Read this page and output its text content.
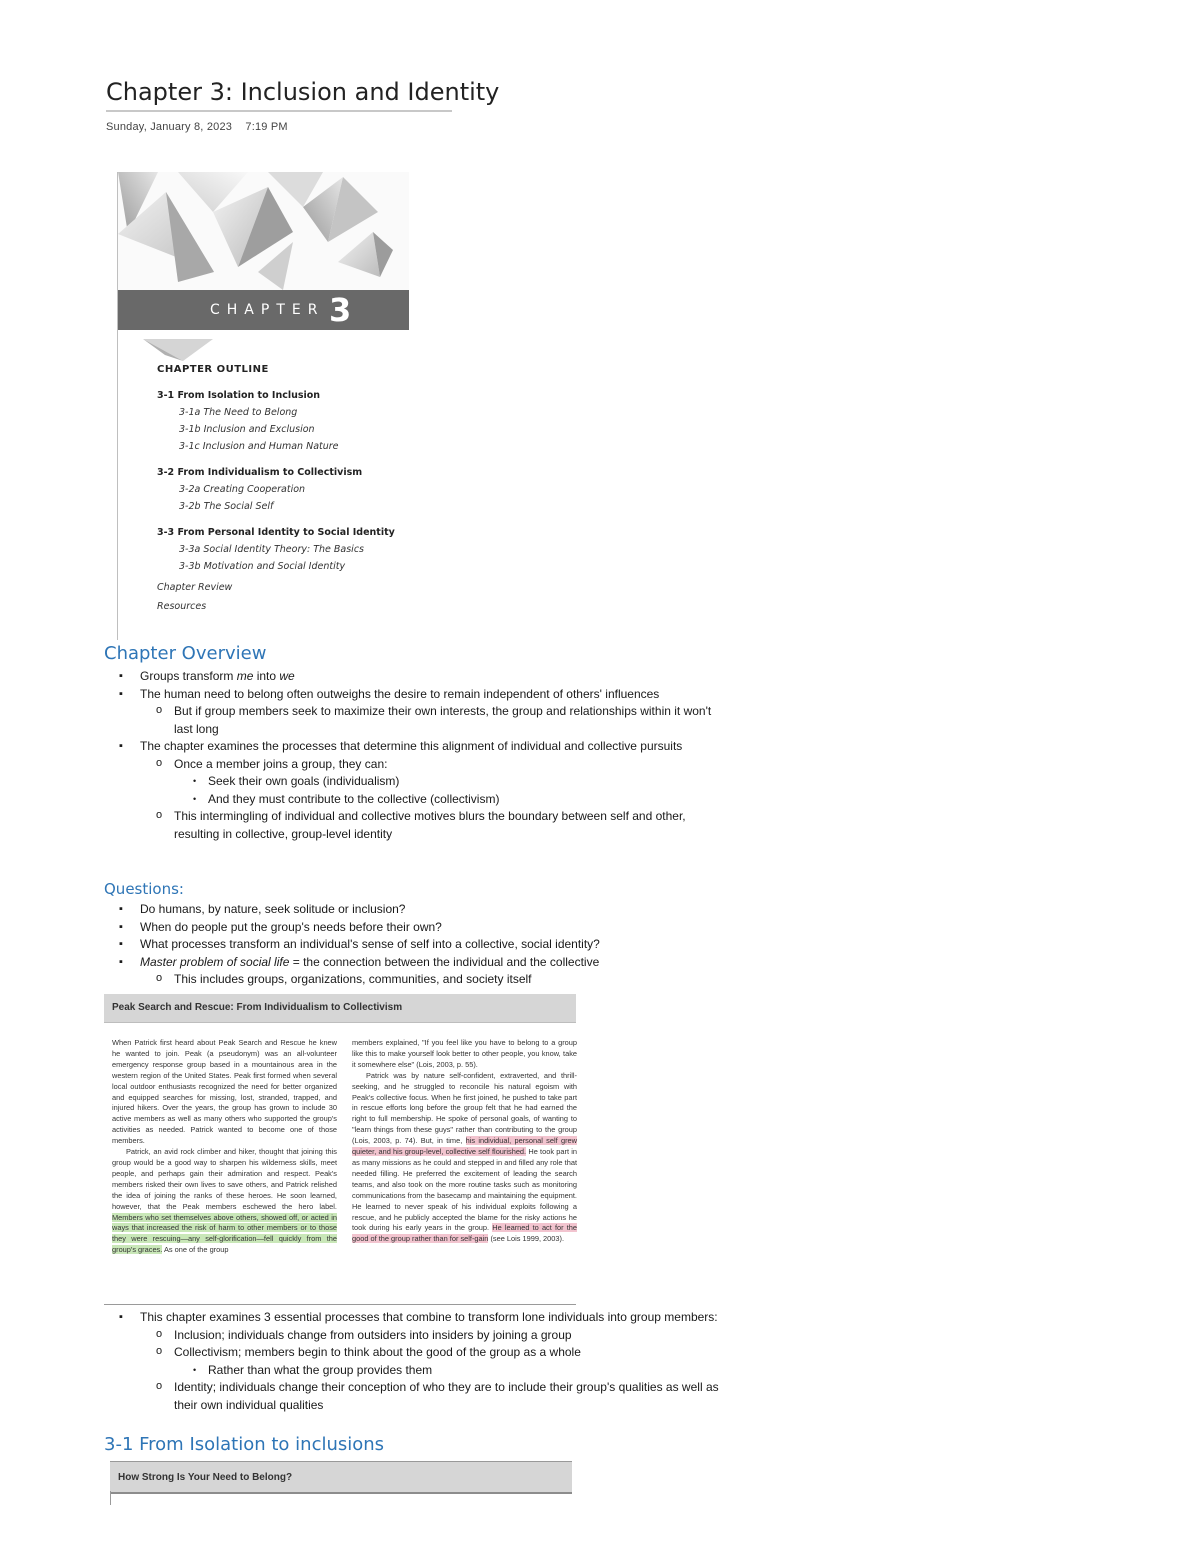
Chapter 3: Inclusion and Identity
Sunday, January 8, 2023 7:19 PM
CHAPTER 3
CHAPTER OUTLINE
3-1 From Isolation to Inclusion
3-1a The Need to Belong
3-1b Inclusion and Exclusion
3-1c Inclusion and Human Nature
3-2 From Individualism to Collectivism
3-2a Creating Cooperation
3-2b The Social Self
3-3 From Personal Identity to Social Identity
3-3a Social Identity Theory: The Basics
3-3b Motivation and Social Identity
Chapter Review
Resources
Chapter Overview
▪ Groups transform me into we
▪ The human need to belong often outweighs the desire to remain independent of others' influences
o But if group members seek to maximize their own interests, the group and relationships within it won't last long
▪ The chapter examines the processes that determine this alignment of individual and collective pursuits
o Once a member joins a group, they can:
• Seek their own goals (individualism)
• And they must contribute to the collective (collectivism)
o This intermingling of individual and collective motives blurs the boundary between self and other, resulting in collective, group-level identity
Questions:
▪ Do humans, by nature, seek solitude or inclusion?
▪ When do people put the group's needs before their own?
▪ What processes transform an individual's sense of self into a collective, social identity?
▪ Master problem of social life = the connection between the individual and the collective
o This includes groups, organizations, communities, and society itself
Peak Search and Rescue: From Individualism to Collectivism

When Patrick first heard about Peak Search and Rescue he knew he wanted to join. Peak (a pseudonym) was an all-volunteer emergency response group based in a mountainous area in the western region of the United States. Peak first formed when several local outdoor enthusiasts recognized the need for better organized and equipped searches for missing, lost, stranded, trapped, and injured hikers. Over the years, the group has grown to include 30 active members as well as many others who supported the group's activities as needed. Patrick wanted to become one of those members.

Patrick, an avid rock climber and hiker, thought that joining this group would be a good way to sharpen his wilderness skills, meet people, and perhaps gain their admiration and respect. Peak's members risked their own lives to save others, and Patrick relished the idea of joining the ranks of these heroes. He soon learned, however, that the Peak members eschewed the hero label. Members who set themselves above others, showed off, or acted in ways that increased the risk of harm to other members or to those they were rescuing—any self-glorification—fell quickly from the group's graces. As one of the group

members explained, "If you feel like you have to belong to a group like this to make yourself look better to other people, you know, take it somewhere else" (Lois, 2003, p. 55).

Patrick was by nature self-confident, extraverted, and thrill-seeking, and he struggled to reconcile his natural egoism with Peak's collective focus. When he first joined, he pushed to take part in rescue efforts long before the group felt that he had earned the right to full membership. He spoke of personal goals, of wanting to "learn things from these guys" rather than contributing to the group (Lois, 2003, p. 74). But, in time, his individual, personal self grew quieter, and his group-level, collective self flourished. He took part in as many missions as he could and stepped in and filled any role that needed filling. He preferred the excitement of leading the search teams, and also took on the more routine tasks such as monitoring communications from the basecamp and maintaining the equipment. He learned to never speak of his individual exploits following a rescue, and he publicly accepted the blame for the risky actions he took during his early years in the group. He learned to act for the good of the group rather than for self-gain (see Lois 1999, 2003).

▪ This chapter examines 3 essential processes that combine to transform lone individuals into group members:
o Inclusion; individuals change from outsiders into insiders by joining a group
o Collectivism; members begin to think about the good of the group as a whole
• Rather than what the group provides them
o Identity; individuals change their conception of who they are to include their group's qualities as well as their own individual qualities
3-1 From Isolation to inclusions
How Strong Is Your Need to Belong?
